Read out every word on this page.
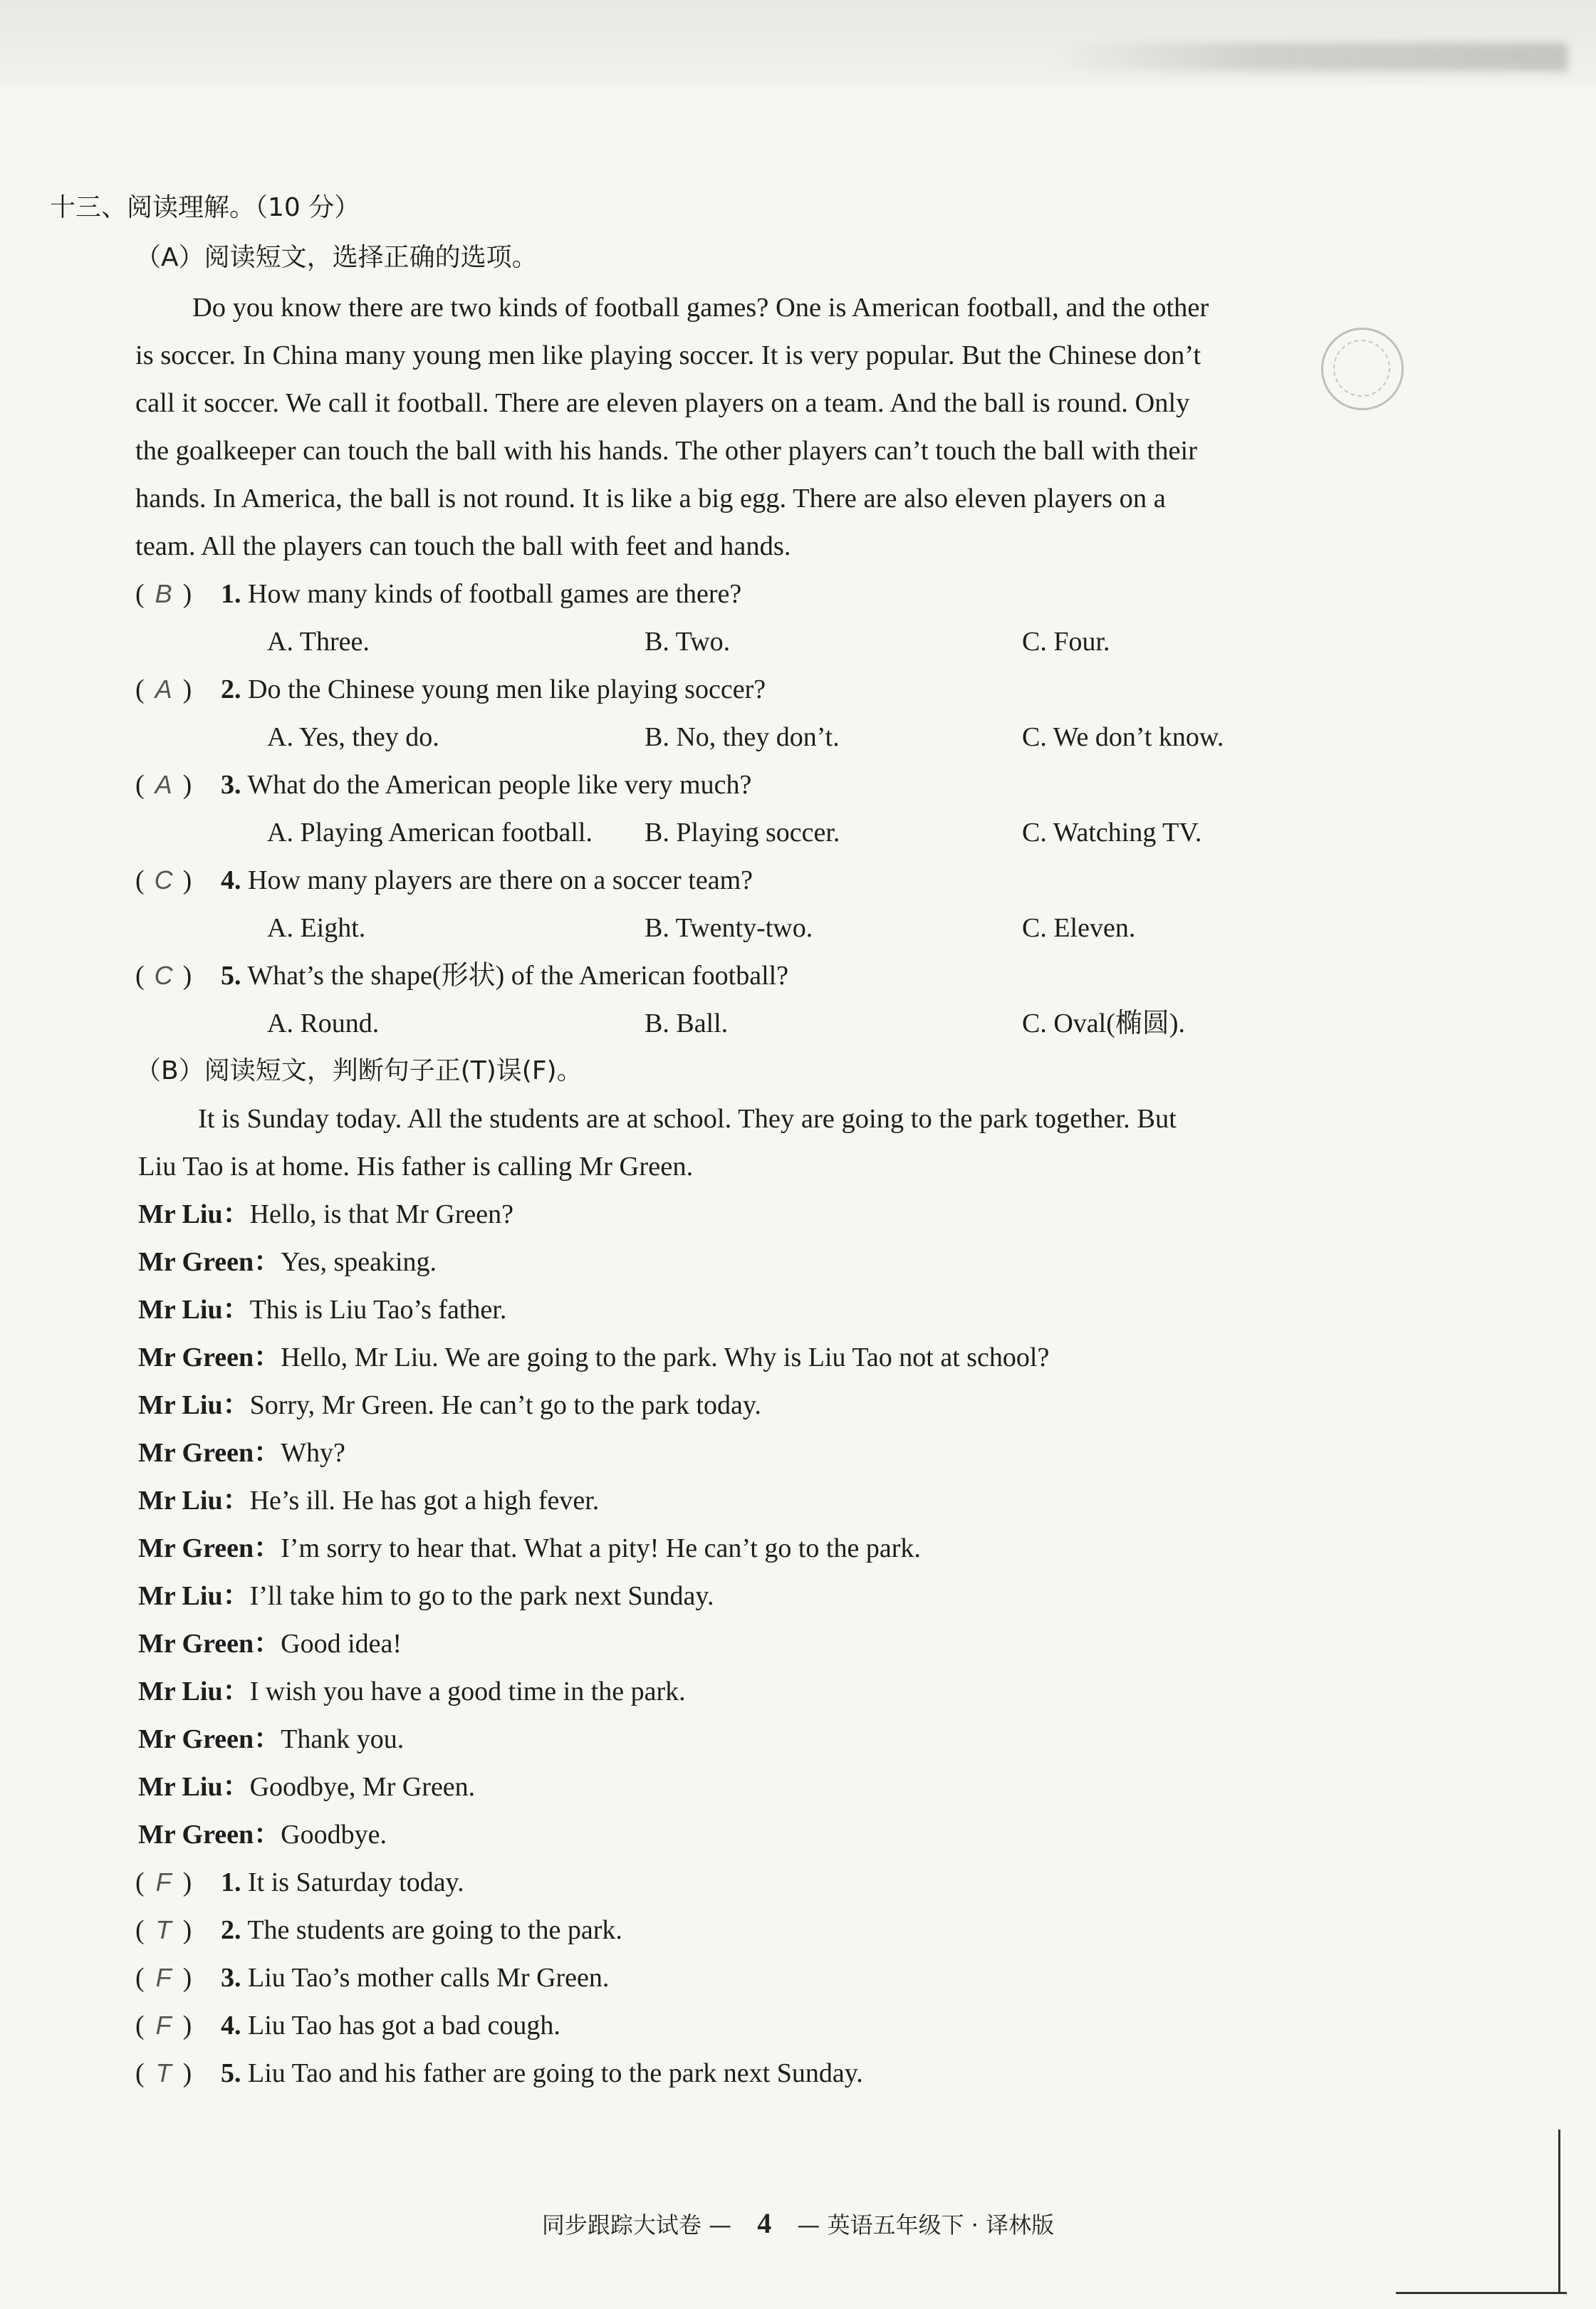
十三、阅读理解。（10 分）
（A）阅读短文，选择正确的选项。
Do you know there are two kinds of football games? One is American football, and the other
is soccer. In China many young men like playing soccer. It is very popular. But the Chinese don’t
call it soccer. We call it football. There are eleven players on a team. And the ball is round. Only
the goalkeeper can touch the ball with his hands. The other players can’t touch the ball with their
hands. In America, the ball is not round. It is like a big egg. There are also eleven players on a
team. All the players can touch the ball with feet and hands.
( B ) 1. How many kinds of football games are there?
A. Three.	B. Two.	C. Four.
( A ) 2. Do the Chinese young men like playing soccer?
A. Yes, they do.	B. No, they don’t.	C. We don’t know.
( A ) 3. What do the American people like very much?
A. Playing American football. B. Playing soccer.	C. Watching TV.
( C ) 4. How many players are there on a soccer team?
A. Eight.	B. Twenty-two.	C. Eleven.
( C ) 5. What’s the shape(形状) of the American football?
A. Round.	B. Ball.	C. Oval(椭圆).
（B）阅读短文，判断句子正(T)误(F)。
It is Sunday today. All the students are at school. They are going to the park together. But
Liu Tao is at home. His father is calling Mr Green.
Mr Liu：Hello, is that Mr Green?
Mr Green：Yes, speaking.
Mr Liu：This is Liu Tao’s father.
Mr Green：Hello, Mr Liu. We are going to the park. Why is Liu Tao not at school?
Mr Liu：Sorry, Mr Green. He can’t go to the park today.
Mr Green：Why?
Mr Liu：He’s ill. He has got a high fever.
Mr Green：I’m sorry to hear that. What a pity! He can’t go to the park.
Mr Liu：I’ll take him to go to the park next Sunday.
Mr Green：Good idea!
Mr Liu：I wish you have a good time in the park.
Mr Green：Thank you.
Mr Liu：Goodbye, Mr Green.
Mr Green：Goodbye.
( F ) 1. It is Saturday today.
( T ) 2. The students are going to the park.
( F ) 3. Liu Tao’s mother calls Mr Green.
( F ) 4. Liu Tao has got a bad cough.
( T ) 5. Liu Tao and his father are going to the park next Sunday.
同步跟踪大试卷 — 4 — 英语五年级下 · 译林版
